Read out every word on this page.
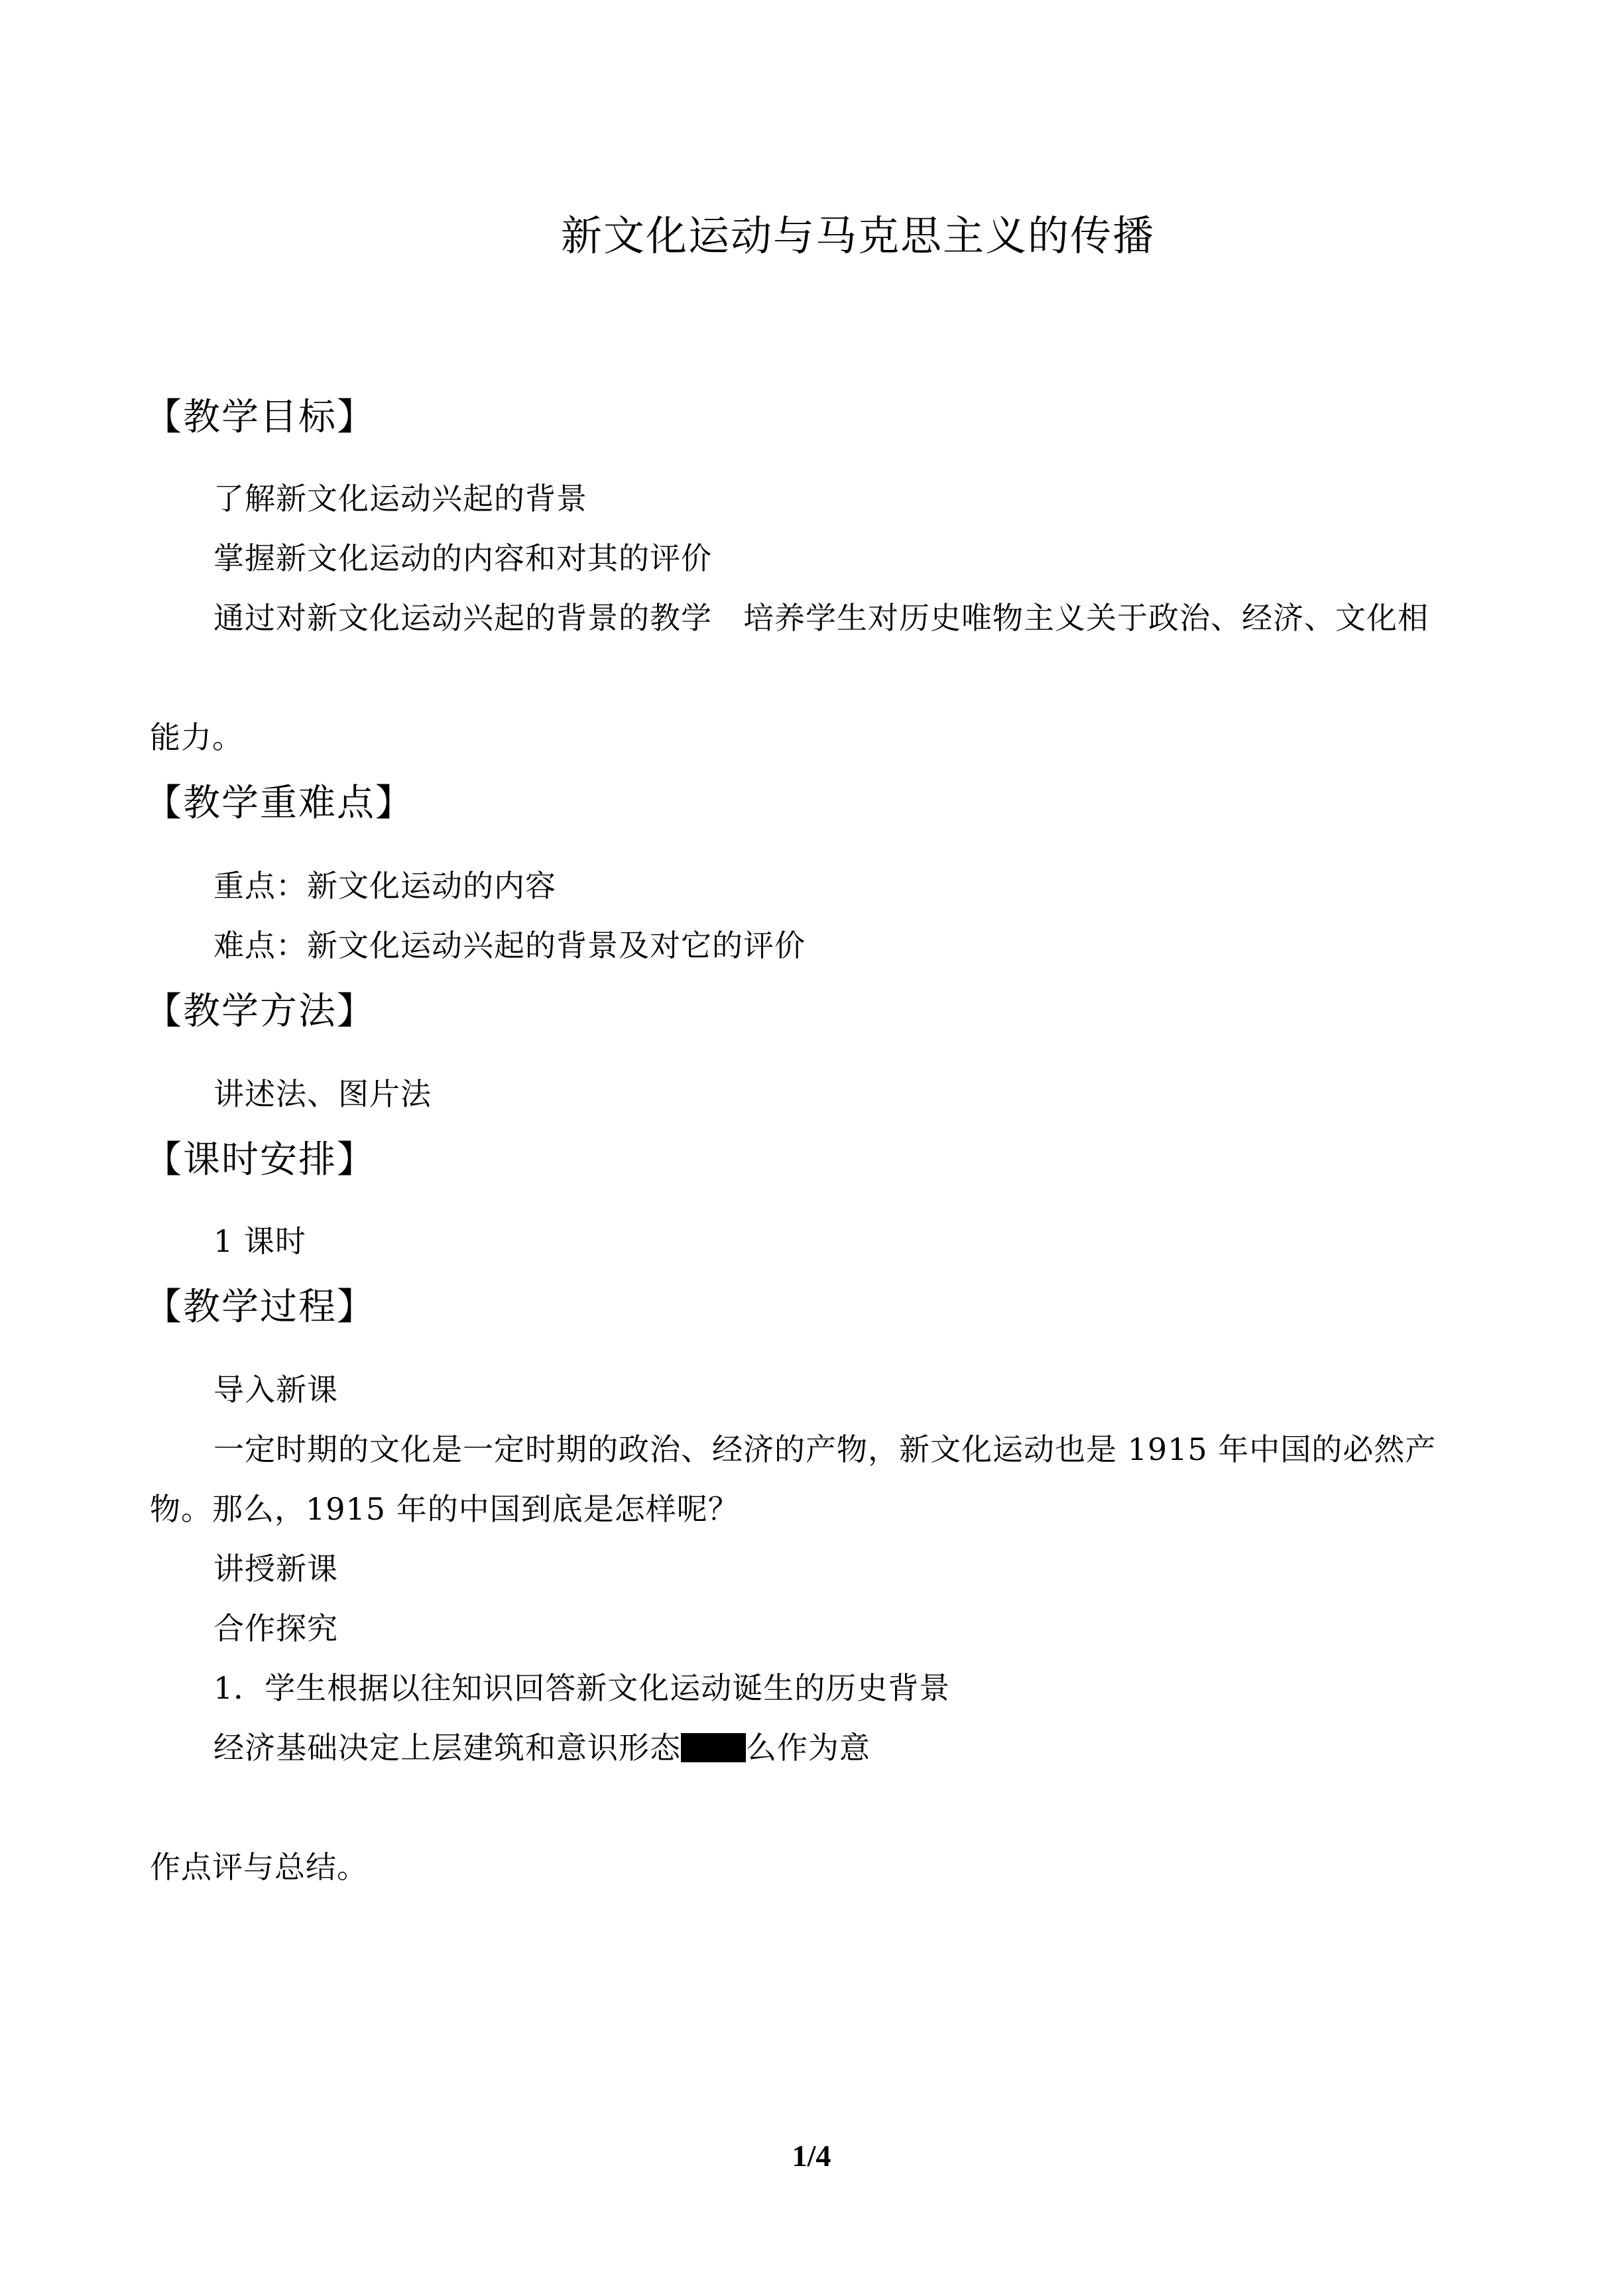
新文化运动与马克思主义的传播
【教学目标】

了解新文化运动兴起的背景

掌握新文化运动的内容和对其的评价

通过对新文化运动兴起的背景的教学　培养学生对历史唯物主义关于政治、经济、文化相

能力。

【教学重难点】

重点：新文化运动的内容

难点：新文化运动兴起的背景及对它的评价

【教学方法】

讲述法、图片法

【课时安排】

1 课时

【教学过程】

导入新课

一定时期的文化是一定时期的政治、经济的产物，新文化运动也是 1915 年中国的必然产

物。那么，1915 年的中国到底是怎样呢？

讲授新课

合作探究

1．学生根据以往知识回答新文化运动诞生的历史背景

经济基础决定上层建筑和意识形态 么作为意

作点评与总结。

1/4
